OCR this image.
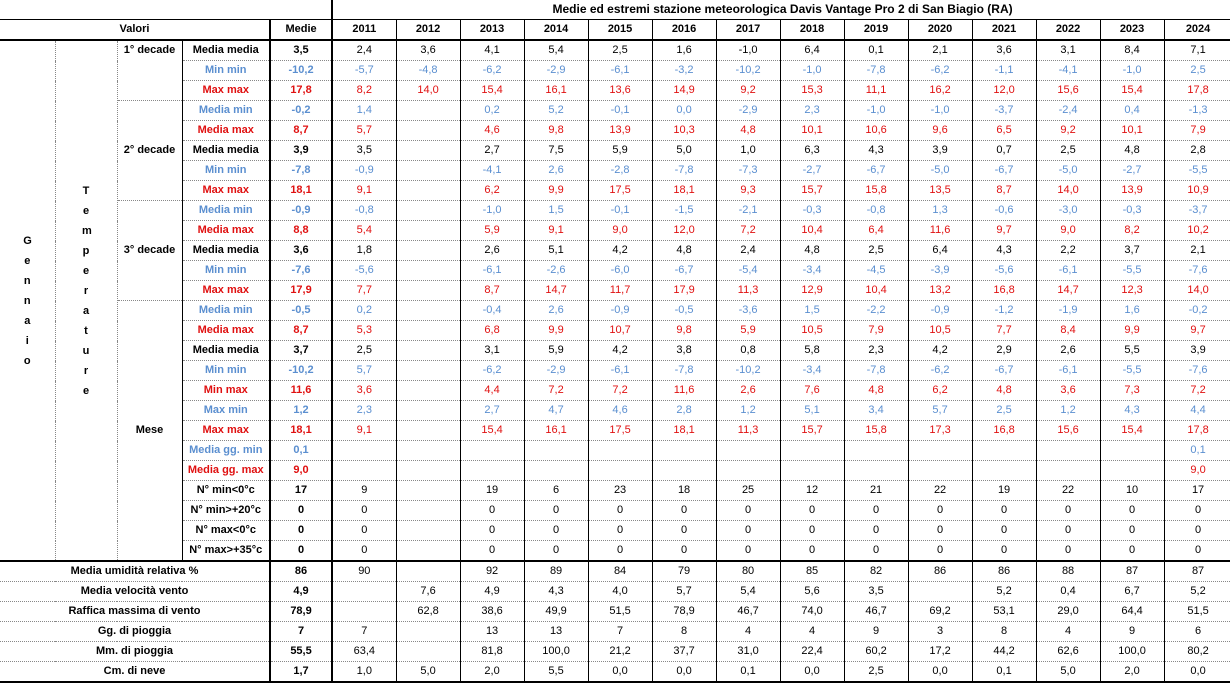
					Medie ed estremi stazione meteorologica Davis Vantage Pro 2 di San Biagio (RA)													
Valori				Medie	2011	2012	2013	2014	2015	2016	2017	2018	2019	2020	2021	2022	2023	2024
G e n n a i o	T e m p e r a t u r e	1° decade	Media media	3,5	2,4	3,6	4,1	5,4	2,5	1,6	-1,0	6,4	0,1	2,1	3,6	3,1	8,4	7,1
			Min min	-10,2	-5,7	-4,8	-6,2	-2,9	-6,1	-3,2	-10,2	-1,0	-7,8	-6,2	-1,1	-4,1	-1,0	2,5
			Max max	17,8	8,2	14,0	15,4	16,1	13,6	14,9	9,2	15,3	11,1	16,2	12,0	15,6	15,4	17,8
		2° decade	Media min	-0,2	1,4		0,2	5,2	-0,1	0,0	-2,9	2,3	-1,0	-1,0	-3,7	-2,4	0,4	-1,3
			Media max	8,7	5,7		4,6	9,8	13,9	10,3	4,8	10,1	10,6	9,6	6,5	9,2	10,1	7,9
			Media media	3,9	3,5		2,7	7,5	5,9	5,0	1,0	6,3	4,3	3,9	0,7	2,5	4,8	2,8
			Min min	-7,8	-0,9		-4,1	2,6	-2,8	-7,8	-7,3	-2,7	-6,7	-5,0	-6,7	-5,0	-2,7	-5,5
			Max max	18,1	9,1		6,2	9,9	17,5	18,1	9,3	15,7	15,8	13,5	8,7	14,0	13,9	10,9
		3° decade	Media min	-0,9	-0,8		-1,0	1,5	-0,1	-1,5	-2,1	-0,3	-0,8	1,3	-0,6	-3,0	-0,3	-3,7
			Media max	8,8	5,4		5,9	9,1	9,0	12,0	7,2	10,4	6,4	11,6	9,7	9,0	8,2	10,2
			Media media	3,6	1,8		2,6	5,1	4,2	4,8	2,4	4,8	2,5	6,4	4,3	2,2	3,7	2,1
			Min min	-7,6	-5,6		-6,1	-2,6	-6,0	-6,7	-5,4	-3,4	-4,5	-3,9	-5,6	-6,1	-5,5	-7,6
			Max max	17,9	7,7		8,7	14,7	11,7	17,9	11,3	12,9	10,4	13,2	16,8	14,7	12,3	14,0
		Mese	Media min	-0,5	0,2		-0,4	2,6	-0,9	-0,5	-3,6	1,5	-2,2	-0,9	-1,2	-1,9	1,6	-0,2
			Media max	8,7	5,3		6,8	9,9	10,7	9,8	5,9	10,5	7,9	10,5	7,7	8,4	9,9	9,7
			Media media	3,7	2,5		3,1	5,9	4,2	3,8	0,8	5,8	2,3	4,2	2,9	2,6	5,5	3,9
			Min min	-10,2	5,7		-6,2	-2,9	-6,1	-7,8	-10,2	-3,4	-7,8	-6,2	-6,7	-6,1	-5,5	-7,6
			Min max	11,6	3,6		4,4	7,2	7,2	11,6	2,6	7,6	4,8	6,2	4,8	3,6	7,3	7,2
			Max min	1,2	2,3		2,7	4,7	4,6	2,8	1,2	5,1	3,4	5,7	2,5	1,2	4,3	4,4
			Max max	18,1	9,1		15,4	16,1	17,5	18,1	11,3	15,7	15,8	17,3	16,8	15,6	15,4	17,8
			Media gg. min	0,1														0,1
			Media gg. max	9,0														9,0
			N° min<0°c	17	9		19	6	23	18	25	12	21	22	19	22	10	17
			N° min>+20°c	0	0		0	0	0	0	0	0	0	0	0	0	0	0
			N° max<0°c	0	0		0	0	0	0	0	0	0	0	0	0	0	0
			N° max>+35°c	0	0		0	0	0	0	0	0	0	0	0	0	0	0
Media umidità relativa %				86	90		92	89	84	79	80	85	82	86	86	88	87	87
Media velocità vento				4,9		7,6	4,9	4,3	4,0	5,7	5,4	5,6	3,5		5,2	0,4	6,7	5,2
Raffica massima di vento				78,9		62,8	38,6	49,9	51,5	78,9	46,7	74,0	46,7	69,2	53,1	29,0	64,4	51,5
Gg. di pioggia				7	7		13	13	7	8	4	4	9	3	8	4	9	6
Mm. di pioggia				55,5	63,4		81,8	100,0	21,2	37,7	31,0	22,4	60,2	17,2	44,2	62,6	100,0	80,2
Cm. di neve				1,7	1,0	5,0	2,0	5,5	0,0	0,0	0,1	0,0	2,5	0,0	0,1	5,0	2,0	0,0
